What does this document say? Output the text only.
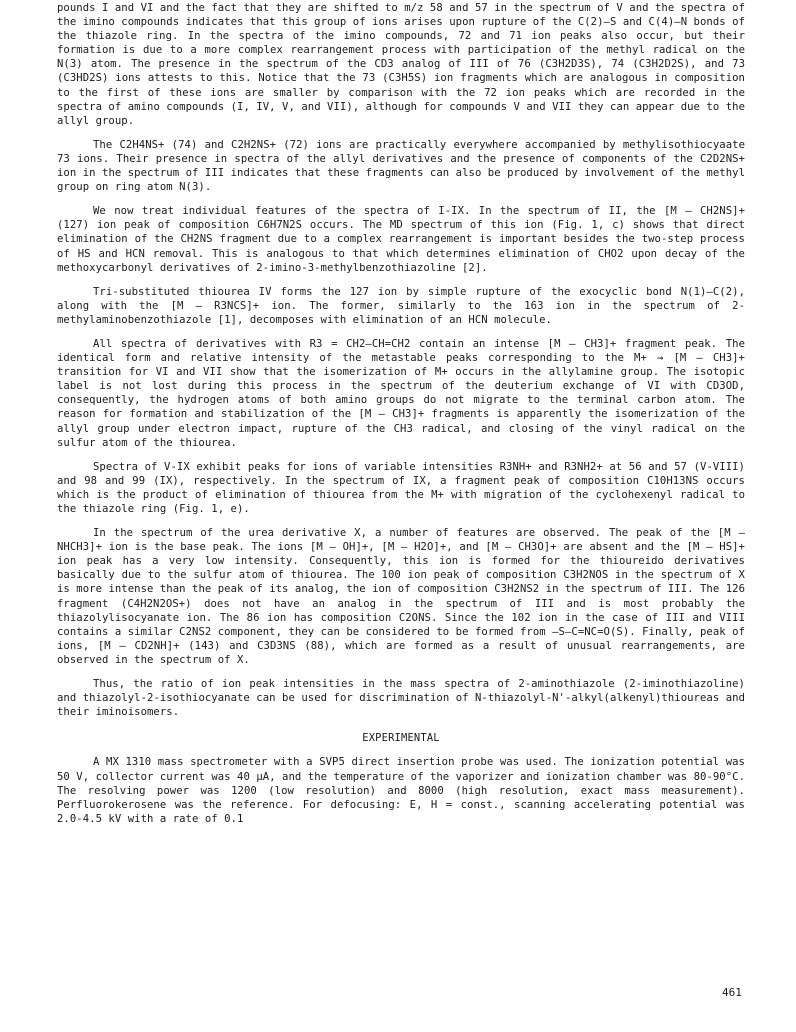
pounds I and VI and the fact that they are shifted to m/z 58 and 57 in the spectrum of V and the spectra of the imino compounds indicates that this group of ions arises upon rupture of the C(2)–S and C(4)–N bonds of the thiazole ring. In the spectra of the imino compounds, 72 and 71 ion peaks also occur, but their formation is due to a more complex rearrangement process with participation of the methyl radical on the N(3) atom. The presence in the spectrum of the CD3 analog of III of 76 (C3H2D3S), 74 (C3H2D2S), and 73 (C3HD2S) ions attests to this. Notice that the 73 (C3H5S) ion fragments which are analogous in composition to the first of these ions are smaller by comparison with the 72 ion peaks which are recorded in the spectra of amino compounds (I, IV, V, and VII), although for compounds V and VII they can appear due to the allyl group.

The C2H4NS+ (74) and C2H2NS+ (72) ions are practically everywhere accompanied by methylisothiocyaate 73 ions. Their presence in spectra of the allyl derivatives and the presence of components of the C2D2NS+ ion in the spectrum of III indicates that these fragments can also be produced by involvement of the methyl group on ring atom N(3).

We now treat individual features of the spectra of I-IX. In the spectrum of II, the [M – CH2NS]+ (127) ion peak of composition C6H7N2S occurs. The MD spectrum of this ion (Fig. 1, c) shows that direct elimination of the CH2NS fragment due to a complex rearrangement is important besides the two-step process of HS and HCN removal. This is analogous to that which determines elimination of CHO2 upon decay of the methoxycarbonyl derivatives of 2-imino-3-methylbenzothiazoline [2].

Tri-substituted thiourea IV forms the 127 ion by simple rupture of the exocyclic bond N(1)–C(2), along with the [M – R3NCS]+ ion. The former, similarly to the 163 ion in the spectrum of 2-methylaminobenzothiazole [1], decomposes with elimination of an HCN molecule.

All spectra of derivatives with R3 = CH2–CH=CH2 contain an intense [M – CH3]+ fragment peak. The identical form and relative intensity of the metastable peaks corresponding to the M+ → [M – CH3]+ transition for VI and VII show that the isomerization of M+ occurs in the allylamine group. The isotopic label is not lost during this process in the spectrum of the deuterium exchange of VI with CD3OD, consequently, the hydrogen atoms of both amino groups do not migrate to the terminal carbon atom. The reason for formation and stabilization of the [M – CH3]+ fragments is apparently the isomerization of the allyl group under electron impact, rupture of the CH3 radical, and closing of the vinyl radical on the sulfur atom of the thiourea.

Spectra of V-IX exhibit peaks for ions of variable intensities R3NH+ and R3NH2+ at 56 and 57 (V-VIII) and 98 and 99 (IX), respectively. In the spectrum of IX, a fragment peak of composition C10H13NS occurs which is the product of elimination of thiourea from the M+ with migration of the cyclohexenyl radical to the thiazole ring (Fig. 1, e).

In the spectrum of the urea derivative X, a number of features are observed. The peak of the [M – NHCH3]+ ion is the base peak. The ions [M – OH]+, [M – H2O]+, and [M – CH3O]+ are absent and the [M – HS]+ ion peak has a very low intensity. Consequently, this ion is formed for the thioureido derivatives basically due to the sulfur atom of thiourea. The 100 ion peak of composition C3H2NOS in the spectrum of X is more intense than the peak of its analog, the ion of composition C3H2NS2 in the spectrum of III. The 126 fragment (C4H2N2OS+) does not have an analog in the spectrum of III and is most probably the thiazolylisocyanate ion. The 86 ion has composition C2ONS. Since the 102 ion in the case of III and VIII contains a similar C2NS2 component, they can be considered to be formed from —S—C=NC=O(S). Finally, peak of ions, [M – CD2NH]+ (143) and C3D3NS (88), which are formed as a result of unusual rearrangements, are observed in the spectrum of X.

Thus, the ratio of ion peak intensities in the mass spectra of 2-aminothiazole (2-iminothiazoline) and thiazolyl-2-isothiocyanate can be used for discrimination of N-thiazolyl-N'-alkyl(alkenyl)thioureas and their iminoisomers.

EXPERIMENTAL

A MX 1310 mass spectrometer with a SVP5 direct insertion probe was used. The ionization potential was 50 V, collector current was 40 μA, and the temperature of the vaporizer and ionization chamber was 80-90°C. The resolving power was 1200 (low resolution) and 8000 (high resolution, exact mass measurement). Perfluorokerosene was the reference. For defocusing: E, H = const., scanning accelerating potential was 2.0-4.5 kV with a rate of 0.1

461
